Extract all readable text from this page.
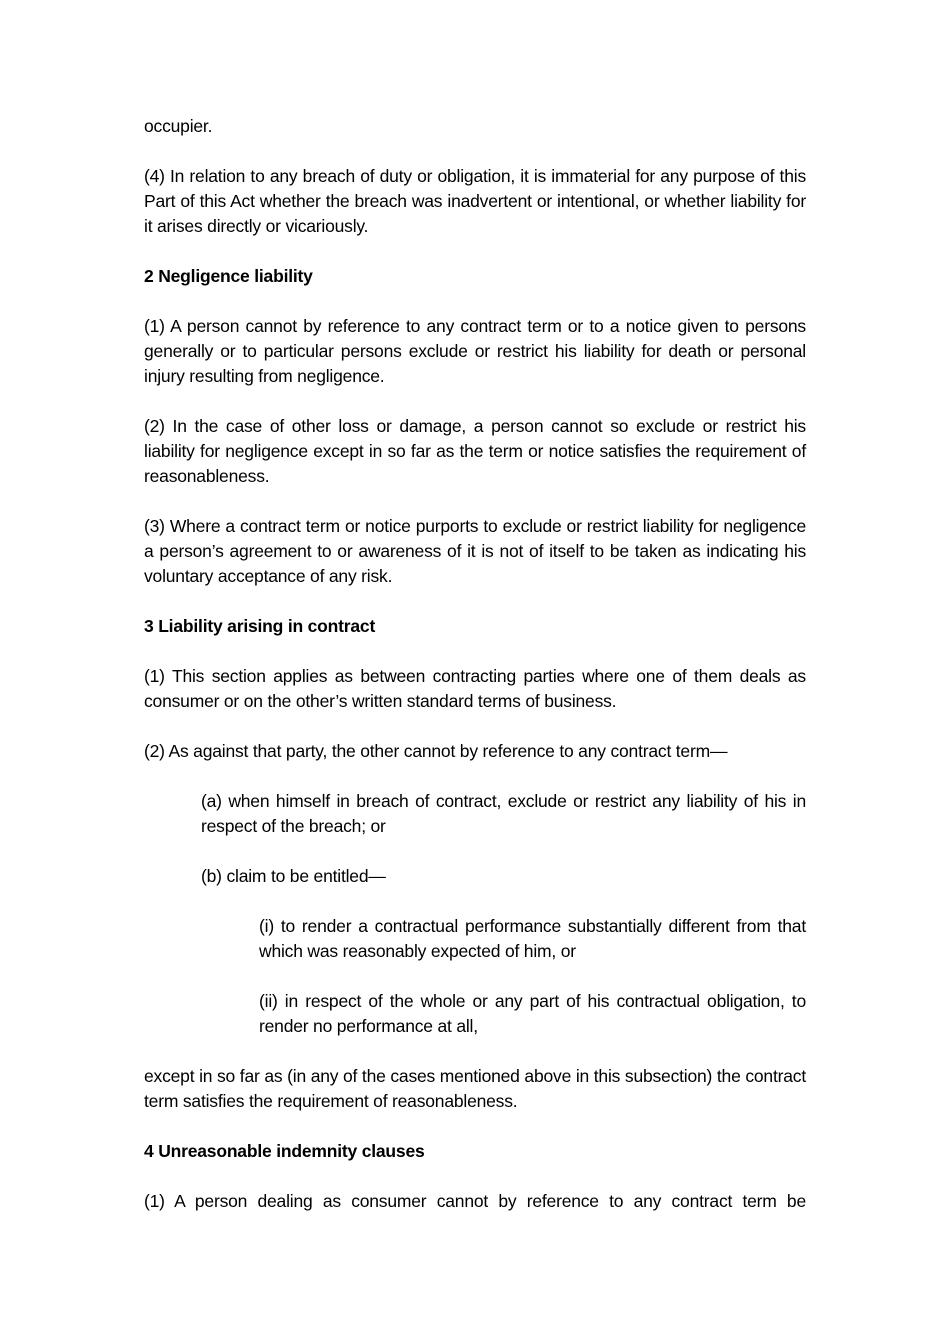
occupier.

(4) In relation to any breach of duty or obligation, it is immaterial for any purpose of this Part of this Act whether the breach was inadvertent or intentional, or whether liability for it arises directly or vicariously.

2 Negligence liability

(1) A person cannot by reference to any contract term or to a notice given to persons generally or to particular persons exclude or restrict his liability for death or personal injury resulting from negligence.

(2) In the case of other loss or damage, a person cannot so exclude or restrict his liability for negligence except in so far as the term or notice satisfies the requirement of reasonableness.

(3) Where a contract term or notice purports to exclude or restrict liability for negligence a person’s agreement to or awareness of it is not of itself to be taken as indicating his voluntary acceptance of any risk.

3 Liability arising in contract

(1) This section applies as between contracting parties where one of them deals as consumer or on the other’s written standard terms of business.

(2) As against that party, the other cannot by reference to any contract term—

(a) when himself in breach of contract, exclude or restrict any liability of his in respect of the breach; or

(b) claim to be entitled—

(i) to render a contractual performance substantially different from that which was reasonably expected of him, or

(ii) in respect of the whole or any part of his contractual obligation, to render no performance at all,

except in so far as (in any of the cases mentioned above in this subsection) the contract term satisfies the requirement of reasonableness.

4 Unreasonable indemnity clauses

(1) A person dealing as consumer cannot by reference to any contract term be
